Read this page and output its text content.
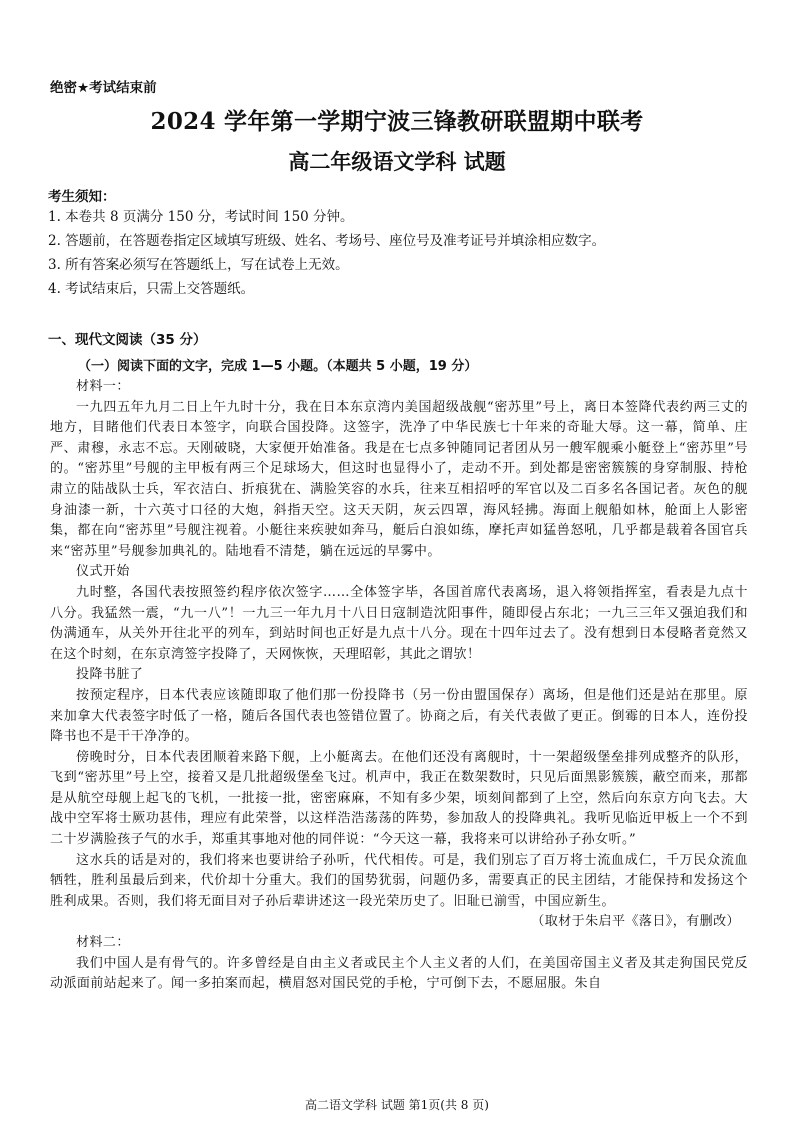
绝密★考试结束前
2024 学年第一学期宁波三锋教研联盟期中联考
高二年级语文学科 试题
考生须知：
1. 本卷共 8 页满分 150 分，考试时间 150 分钟。
2. 答题前，在答题卷指定区域填写班级、姓名、考场号、座位号及准考证号并填涂相应数字。
3. 所有答案必须写在答题纸上，写在试卷上无效。
4. 考试结束后，只需上交答题纸。
一、现代文阅读（35 分）
（一）阅读下面的文字，完成 1—5 小题。（本题共 5 小题，19 分）

材料一：

一九四五年九月二日上午九时十分，我在日本东京湾内美国超级战舰“密苏里”号上，离日本签降代表约两三丈的地方，目睹他们代表日本签字，向联合国投降。这签字，洗净了中华民族七十年来的奇耻大辱。这一幕，简单、庄严、肃穆，永志不忘。天刚破晓，大家便开始准备。我是在七点多钟随同记者团从另一艘军舰乘小艇登上“密苏里”号的。“密苏里”号舰的主甲板有两三个足球场大，但这时也显得小了，走动不开。到处都是密密簇簇的身穿制服、持枪肃立的陆战队士兵，军衣洁白、折痕犹在、满脸笑容的水兵，往来互相招呼的军官以及二百多名各国记者。灰色的舰身油漆一新，十六英寸口径的大炮，斜指天空。这天天阴，灰云四罩，海风轻拂。海面上舰船如林，舱面上人影密集，都在向“密苏里”号舰注视着。小艇往来疾驶如奔马，艇后白浪如练，摩托声如猛兽怒吼，几乎都是载着各国官兵来“密苏里”号舰参加典礼的。陆地看不清楚，躺在远远的早雾中。

仪式开始

九时整，各国代表按照签约程序依次签字……全体签字毕，各国首席代表离场，退入将领指挥室，看表是九点十八分。我猛然一震，“九一八”！一九三一年九月十八日日寇制造沈阳事件，随即侵占东北；一九三三年又强迫我们和伪满通车，从关外开往北平的列车，到站时间也正好是九点十八分。现在十四年过去了。没有想到日本侵略者竟然又在这个时刻，在东京湾签字投降了，天网恢恢，天理昭彰，其此之谓欤！

投降书脏了

按预定程序，日本代表应该随即取了他们那一份投降书（另一份由盟国保存）离场，但是他们还是站在那里。原来加拿大代表签字时低了一格，随后各国代表也签错位置了。协商之后，有关代表做了更正。倒霉的日本人，连份投降书也不是干干净净的。

傍晚时分，日本代表团顺着来路下舰，上小艇离去。在他们还没有离舰时，十一架超级堡垒排列成整齐的队形，飞到“密苏里”号上空，接着又是几批超级堡垒飞过。机声中，我正在数架数时，只见后面黑影簇簇，蔽空而来，那都是从航空母舰上起飞的飞机，一批接一批，密密麻麻，不知有多少架，顷刻间都到了上空，然后向东京方向飞去。大战中空军将士厥功甚伟，理应有此荣誉，以这样浩浩荡荡的阵势，参加敌人的投降典礼。我听见临近甲板上一个不到二十岁满脸孩子气的水手，郑重其事地对他的同伴说：“今天这一幕，我将来可以讲给孙子孙女听。”

这水兵的话是对的，我们将来也要讲给子孙听，代代相传。可是，我们别忘了百万将士流血成仁，千万民众流血牺牲，胜利虽最后到来，代价却十分重大。我们的国势犹弱，问题仍多，需要真正的民主团结，才能保持和发扬这个胜利成果。否则，我们将无面目对子孙后辈讲述这一段光荣历史了。旧耻已湔雪，中国应新生。

（取材于朱启平《落日》，有删改）

材料二：

我们中国人是有骨气的。许多曾经是自由主义者或民主个人主义者的人们，在美国帝国主义者及其走狗国民党反动派面前站起来了。闻一多拍案而起，横眉怒对国民党的手枪，宁可倒下去，不愿屈服。朱自

高二语文学科 试题 第1页(共 8 页)
